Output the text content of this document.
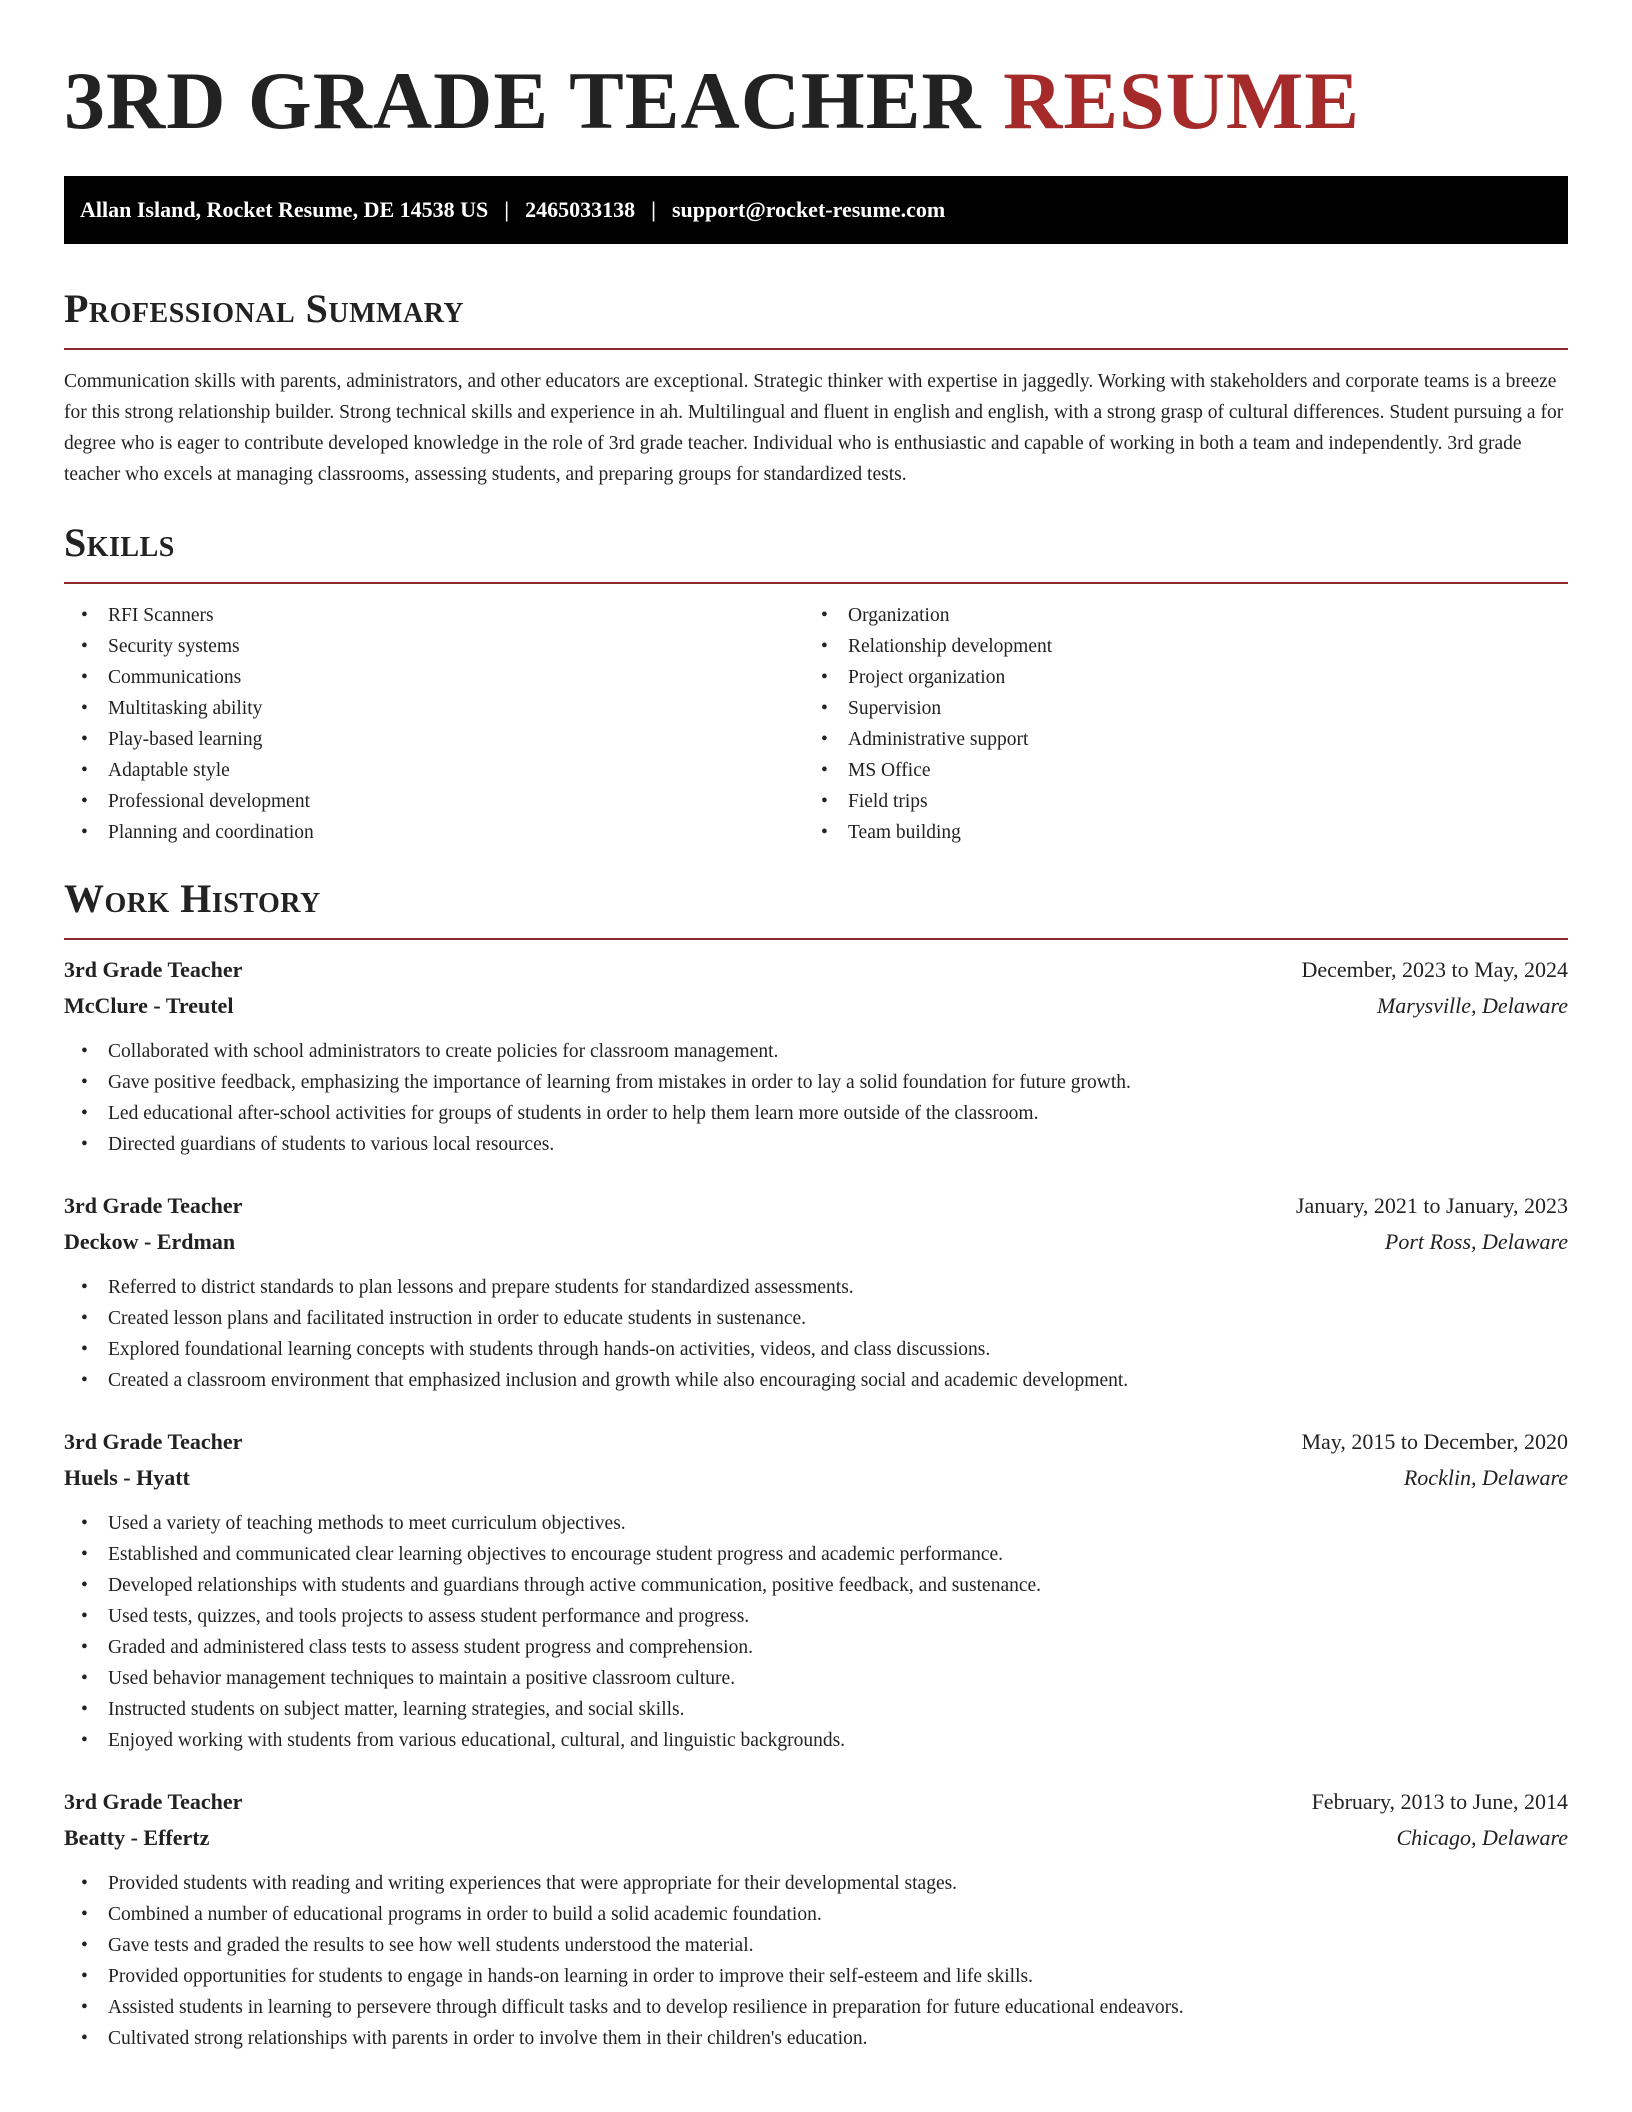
3RD GRADE TEACHER RESUME
Allan Island, Rocket Resume, DE 14538 US | 2465033138 | support@rocket-resume.com
Professional Summary

Communication skills with parents, administrators, and other educators are exceptional. Strategic thinker with expertise in jaggedly. Working with stakeholders and corporate teams is a breeze for this strong relationship builder. Strong technical skills and experience in ah. Multilingual and fluent in english and english, with a strong grasp of cultural differences. Student pursuing a for degree who is eager to contribute developed knowledge in the role of 3rd grade teacher. Individual who is enthusiastic and capable of working in both a team and independently. 3rd grade teacher who excels at managing classrooms, assessing students, and preparing groups for standardized tests.

Skills
• RFI Scanners
• Security systems
• Communications
• Multitasking ability
• Play-based learning
• Adaptable style
• Professional development
• Planning and coordination
• Organization
• Relationship development
• Project organization
• Supervision
• Administrative support
• MS Office
• Field trips
• Team building
Work History
3rd Grade Teacher	December, 2023 to May, 2024
McClure - Treutel	Marysville, Delaware
• Collaborated with school administrators to create policies for classroom management.
• Gave positive feedback, emphasizing the importance of learning from mistakes in order to lay a solid foundation for future growth.
• Led educational after-school activities for groups of students in order to help them learn more outside of the classroom.
• Directed guardians of students to various local resources.
3rd Grade Teacher	January, 2021 to January, 2023
Deckow - Erdman	Port Ross, Delaware
• Referred to district standards to plan lessons and prepare students for standardized assessments.
• Created lesson plans and facilitated instruction in order to educate students in sustenance.
• Explored foundational learning concepts with students through hands-on activities, videos, and class discussions.
• Created a classroom environment that emphasized inclusion and growth while also encouraging social and academic development.
3rd Grade Teacher	May, 2015 to December, 2020
Huels - Hyatt	Rocklin, Delaware
• Used a variety of teaching methods to meet curriculum objectives.
• Established and communicated clear learning objectives to encourage student progress and academic performance.
• Developed relationships with students and guardians through active communication, positive feedback, and sustenance.
• Used tests, quizzes, and tools projects to assess student performance and progress.
• Graded and administered class tests to assess student progress and comprehension.
• Used behavior management techniques to maintain a positive classroom culture.
• Instructed students on subject matter, learning strategies, and social skills.
• Enjoyed working with students from various educational, cultural, and linguistic backgrounds.
3rd Grade Teacher	February, 2013 to June, 2014
Beatty - Effertz	Chicago, Delaware
• Provided students with reading and writing experiences that were appropriate for their developmental stages.
• Combined a number of educational programs in order to build a solid academic foundation.
• Gave tests and graded the results to see how well students understood the material.
• Provided opportunities for students to engage in hands-on learning in order to improve their self-esteem and life skills.
• Assisted students in learning to persevere through difficult tasks and to develop resilience in preparation for future educational endeavors.
• Cultivated strong relationships with parents in order to involve them in their children's education.
